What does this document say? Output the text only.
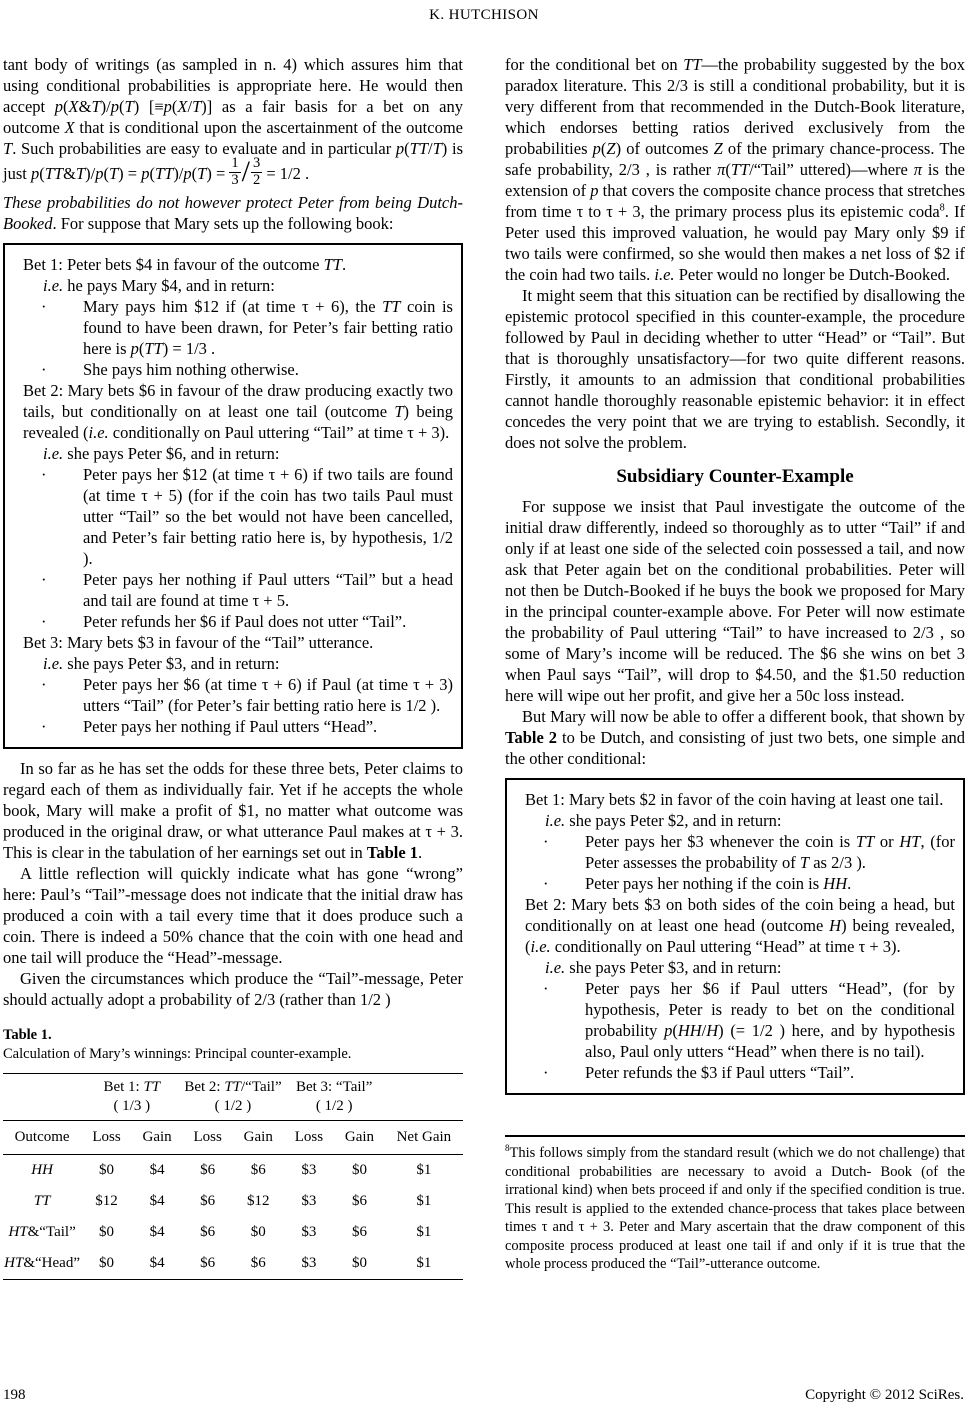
K. HUTCHISON

tant body of writings (as sampled in n. 4) which assures him that using conditional probabilities is appropriate here. He would then accept p(X&T)/p(T) [≡p(X/T)] as a fair basis for a bet on any outcome X that is conditional upon the ascertainment of the outcome T. Such probabilities are easy to evaluate and in particular p(TT/T) is just p(TT&T)/p(T) = $p(TT)/p(T) = \frac{1}{3} / \frac{3}{2} = 1/2$ .

These probabilities do not however protect Peter from being Dutch-Booked. For suppose that Mary sets up the following book:

Bet 1: Peter bets $4 in favour of the outcome TT.
i.e. he pays Mary $4, and in return:
· Mary pays him $12 if (at time τ + 6), the TT coin is found to have been drawn, for Peter’s fair betting ratio here is p(TT) = 1/3 .
· She pays him nothing otherwise.
Bet 2: Mary bets $6 in favour of the draw producing exactly two tails, but conditionally on at least one tail (outcome T) being revealed (i.e. conditionally on Paul uttering “Tail” at time τ + 3).
i.e. she pays Peter $6, and in return:
· Peter pays her $12 (at time τ + 6) if two tails are found (at time τ + 5) (for if the coin has two tails Paul must utter “Tail” so the bet would not have been cancelled, and Peter’s fair betting ratio here is, by hypothesis, 1/2 ).
· Peter pays her nothing if Paul utters “Tail” but a head and tail are found at time τ + 5.
· Peter refunds her $6 if Paul does not utter “Tail”.
Bet 3: Mary bets $3 in favour of the “Tail” utterance.
i.e. she pays Peter $3, and in return:
· Peter pays her $6 (at time τ + 6) if Paul (at time τ + 3) utters “Tail” (for Peter’s fair betting ratio here is 1/2 ).
· Peter pays her nothing if Paul utters “Head”.

In so far as he has set the odds for these three bets, Peter claims to regard each of them as individually fair. Yet if he accepts the whole book, Mary will make a profit of $1, no matter what outcome was produced in the original draw, or what utterance Paul makes at τ + 3. This is clear in the tabulation of her earnings set out in Table 1.

A little reflection will quickly indicate what has gone “wrong” here: Paul’s “Tail”-message does not indicate that the initial draw has produced a coin with a tail every time that it does produce such a coin. There is indeed a 50% chance that the coin with one head and one tail will produce the “Head”-message.

Given the circumstances which produce the “Tail”-message, Peter should actually adopt a probability of 2/3 (rather than 1/2 )

Table 1.
Calculation of Mary’s winnings: Principal counter-example.

Bet 1: TT
( 1/3 )

Bet 2: TT/“Tail”
( 1/2 )

Bet 3: “Tail”
( 1/2 )

Outcome	Loss	Gain	Loss	Gain	Loss	Gain	Net Gain
HH	$0	$4	$6	$6	$3	$0	$1
TT	$12	$4	$6	$12	$3	$6	$1
HT&“Tail”	$0	$4	$6	$0	$3	$6	$1
HT&“Head”	$0	$4	$6	$6	$3	$0	$1

for the conditional bet on TT—the probability suggested by the box paradox literature. This 2/3 is still a conditional probability, but it is very different from that recommended in the Dutch-Book literature, which endorses betting ratios derived exclusively from the probabilities p(Z) of outcomes Z of the primary chance-process. The safe probability, 2/3 , is rather π(TT/“Tail” uttered)—where π is the extension of p that covers the composite chance process that stretches from time τ to τ + 3, the primary process plus its epistemic coda$^8$. If Peter used this improved valuation, he would pay Mary only $9 if two tails were confirmed, so she would then makes a net loss of $2 if the coin had two tails. i.e. Peter would no longer be Dutch-Booked.

It might seem that this situation can be rectified by disallowing the epistemic protocol specified in this counter-example, the procedure followed by Paul in deciding whether to utter “Head” or “Tail”. But that is thoroughly unsatisfactory—for two quite different reasons. Firstly, it amounts to an admission that conditional probabilities cannot handle thoroughly reasonable epistemic behavior: it in effect concedes the very point that we are trying to establish. Secondly, it does not solve the problem.

Subsidiary Counter-Example

For suppose we insist that Paul investigate the outcome of the initial draw differently, indeed so thoroughly as to utter “Tail” if and only if at least one side of the selected coin possessed a tail, and now ask that Peter again bet on the conditional probabilities. Peter will not then be Dutch-Booked if he buys the book we proposed for Mary in the principal counter-example above. For Peter will now estimate the probability of Paul uttering “Tail” to have increased to 2/3 , so some of Mary’s income will be reduced. The $6 she wins on bet 3 when Paul says “Tail”, will drop to $4.50, and the $1.50 reduction here will wipe out her profit, and give her a 50c loss instead.

But Mary will now be able to offer a different book, that shown by Table 2 to be Dutch, and consisting of just two bets, one simple and the other conditional:

Bet 1: Mary bets $2 in favor of the coin having at least one tail.
i.e. she pays Peter $2, and in return:
· Peter pays her $3 whenever the coin is TT or HT, (for Peter assesses the probability of T as 2/3 ).
· Peter pays her nothing if the coin is HH.
Bet 2: Mary bets $3 on both sides of the coin being a head, but conditionally on at least one head (outcome H) being revealed, (i.e. conditionally on Paul uttering “Head” at time τ + 3).
i.e. she pays Peter $3, and in return:
· Peter pays her $6 if Paul utters “Head”, (for by hypothesis, Peter is ready to bet on the conditional probability p(HH/H) (= 1/2 ) here, and by hypothesis also, Paul only utters “Head” when there is no tail).
· Peter refunds the $3 if Paul utters “Tail”.
$^8$This follows simply from the standard result (which we do not challenge) that conditional probabilities are necessary to avoid a Dutch- Book (of the irrational kind) when bets proceed if and only if the specified condition is true. This result is applied to the extended chance-process that takes place between times τ and τ + 3. Peter and Mary ascertain that the draw component of this composite process produced at least one tail if and only if it is true that the whole process produced the “Tail”-utterance outcome.
198	Copyright © 2012 SciRes.
